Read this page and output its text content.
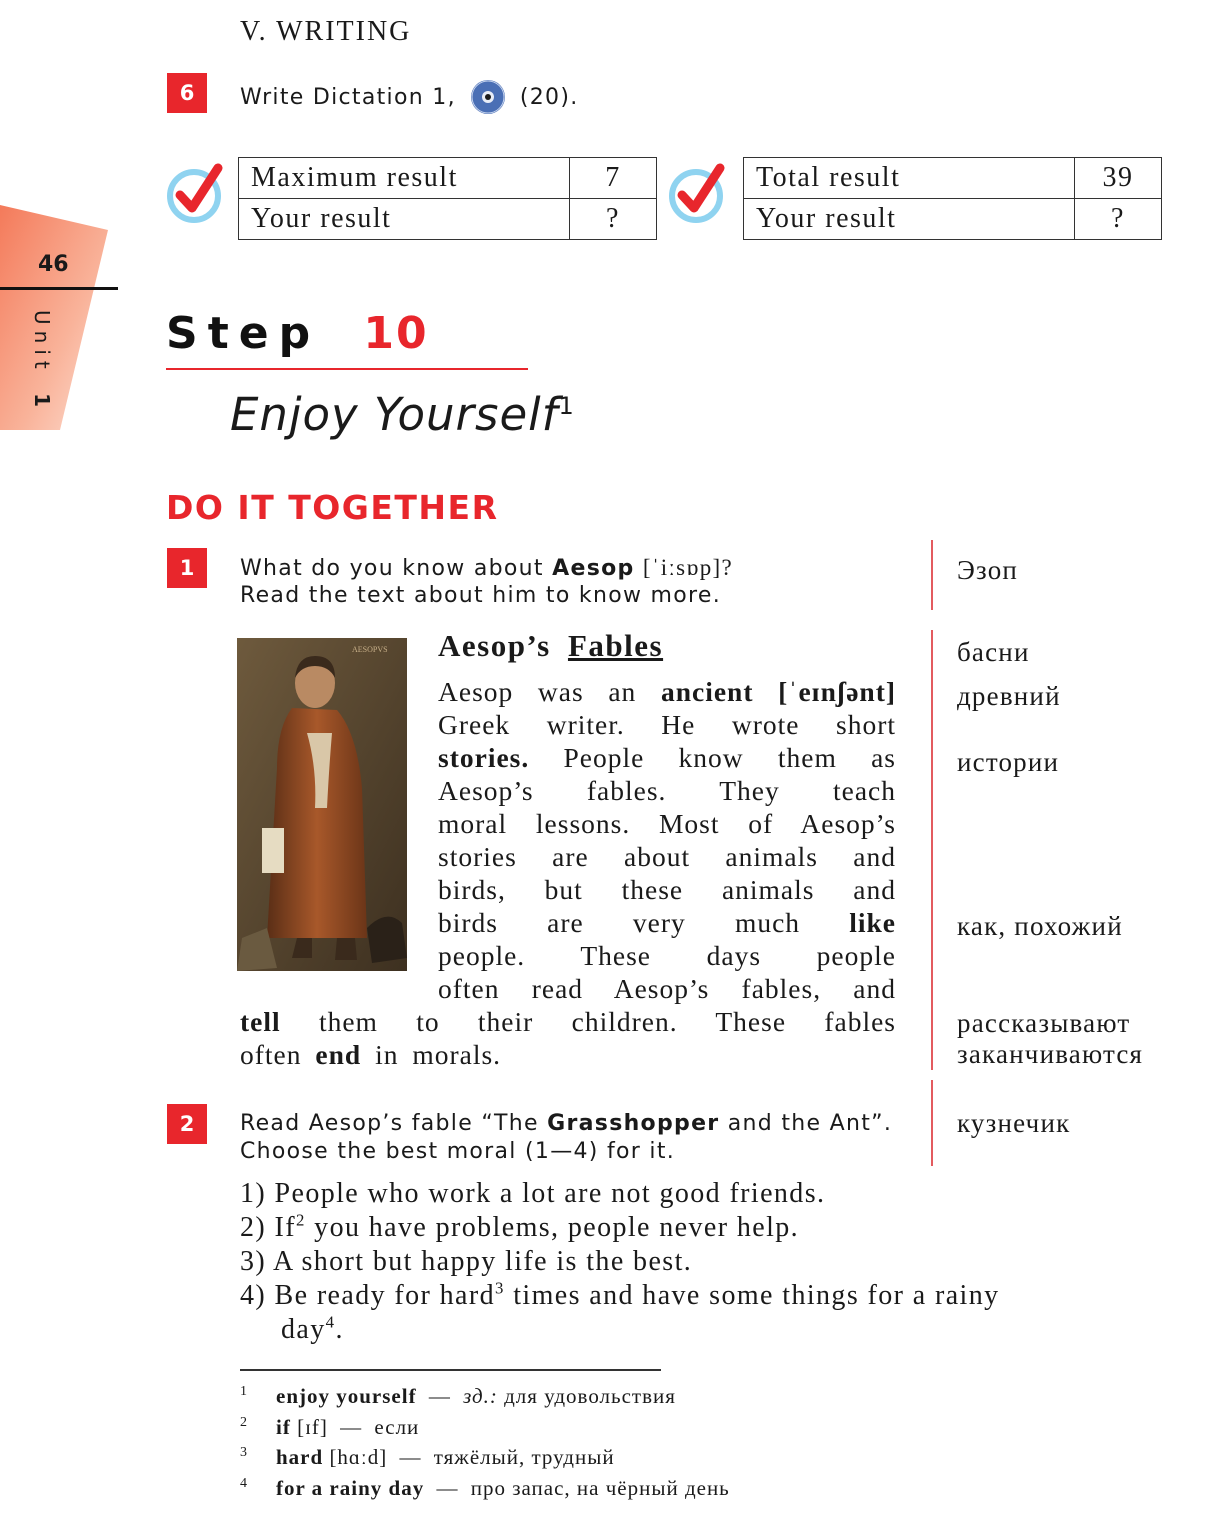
46
Unit 1
V. WRITING
6	Write Dictation 1,	(20).
Maximum result	7
Your result	?
Total result	39
Your result	?
Step 10
Enjoy Yourself$^1$
DO IT TOGETHER
1	What do you know about Aesop [ˈiːsɒp]?
Read the text about him to know more.
Эзоп
AESOPVS Aesop’s Fables
Aesop was an ancient [ˈeɪnʃənt]
Greek writer. He wrote short
stories. People know them as
Aesop’s fables. They teach
moral lessons. Most of Aesop’s
stories are about animals and
birds, but these animals and
birds are very much like
people. These days people
often read Aesop’s fables, and
tell them to their children. These fables
often end in morals.
басни
древний
истории
как, похожий
рассказывают
заканчиваются
2	Read Aesop’s fable “The Grasshopper and the Ant”.
Choose the best moral (1—4) for it.
кузнечик
1) People who work a lot are not good friends.
2) If$^2$ you have problems, people never help.
3) A short but happy life is the best.
4) Be ready for hard$^3$ times and have some things for a rainy
day$^4$.
1 enjoy yourself — зд.: для удовольствия
2 if [ɪf] — если
3 hard [hɑːd] — тяжёлый, трудный
4 for a rainy day — про запас, на чёрный день
